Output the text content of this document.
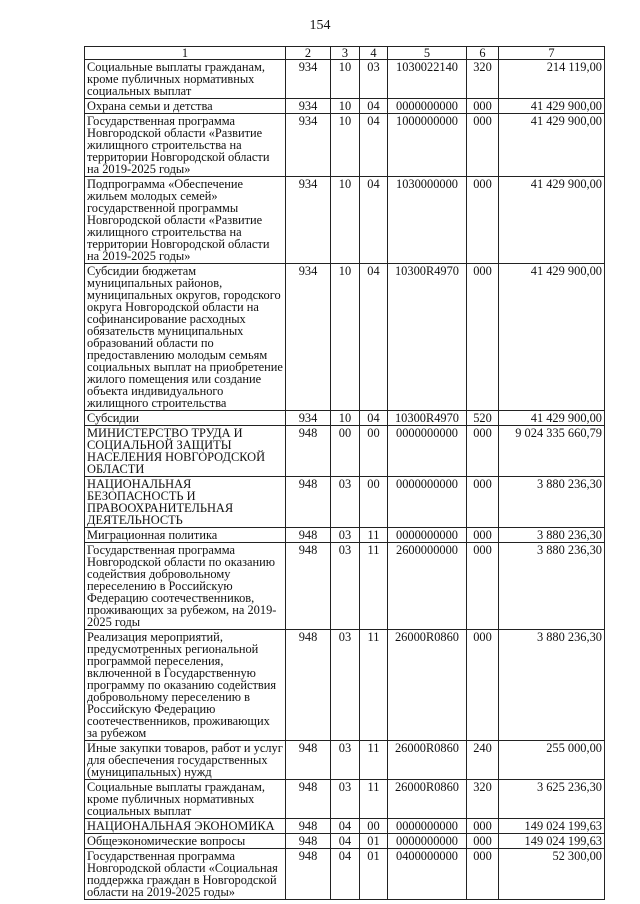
154
1	2	3	4	5	6	7
Социальные выплаты гражданам, кроме публичных нормативных социальных выплат	934	10	03	1030022140	320	214 119,00
Охрана семьи и детства	934	10	04	0000000000	000	41 429 900,00
Государственная программа Новгородской области «Развитие жилищного строительства на территории Новгородской области на 2019-2025 годы»	934	10	04	1000000000	000	41 429 900,00
Подпрограмма «Обеспечение жильем молодых семей» государственной программы Новгородской области «Развитие жилищного строительства на территории Новгородской области на 2019-2025 годы»	934	10	04	1030000000	000	41 429 900,00
Субсидии бюджетам муниципальных районов, муниципальных округов, городского округа Новгородской области на софинансирование расходных обязательств муниципальных образований области по предоставлению молодым семьям социальных выплат на приобретение жилого помещения или создание объекта индивидуального жилищного строительства	934	10	04	10300R4970	000	41 429 900,00
Субсидии	934	10	04	10300R4970	520	41 429 900,00
МИНИСТЕРСТВО ТРУДА И СОЦИАЛЬНОЙ ЗАЩИТЫ НАСЕЛЕНИЯ НОВГОРОДСКОЙ ОБЛАСТИ	948	00	00	0000000000	000	9 024 335 660,79
НАЦИОНАЛЬНАЯ БЕЗОПАСНОСТЬ И ПРАВООХРАНИТЕЛЬНАЯ ДЕЯТЕЛЬНОСТЬ	948	03	00	0000000000	000	3 880 236,30
Миграционная политика	948	03	11	0000000000	000	3 880 236,30
Государственная программа Новгородской области по оказанию содействия добровольному переселению в Российскую Федерацию соотечественников, проживающих за рубежом, на 2019-2025 годы	948	03	11	2600000000	000	3 880 236,30
Реализация мероприятий, предусмотренных региональной программой переселения, включенной в Государственную программу по оказанию содействия добровольному переселению в Российскую Федерацию соотечественников, проживающих за рубежом	948	03	11	26000R0860	000	3 880 236,30
Иные закупки товаров, работ и услуг для обеспечения государственных (муниципальных) нужд	948	03	11	26000R0860	240	255 000,00
Социальные выплаты гражданам, кроме публичных нормативных социальных выплат	948	03	11	26000R0860	320	3 625 236,30
НАЦИОНАЛЬНАЯ ЭКОНОМИКА	948	04	00	0000000000	000	149 024 199,63
Общеэкономические вопросы	948	04	01	0000000000	000	149 024 199,63
Государственная программа Новгородской области «Социальная поддержка граждан в Новгородской области на 2019-2025 годы»	948	04	01	0400000000	000	52 300,00
